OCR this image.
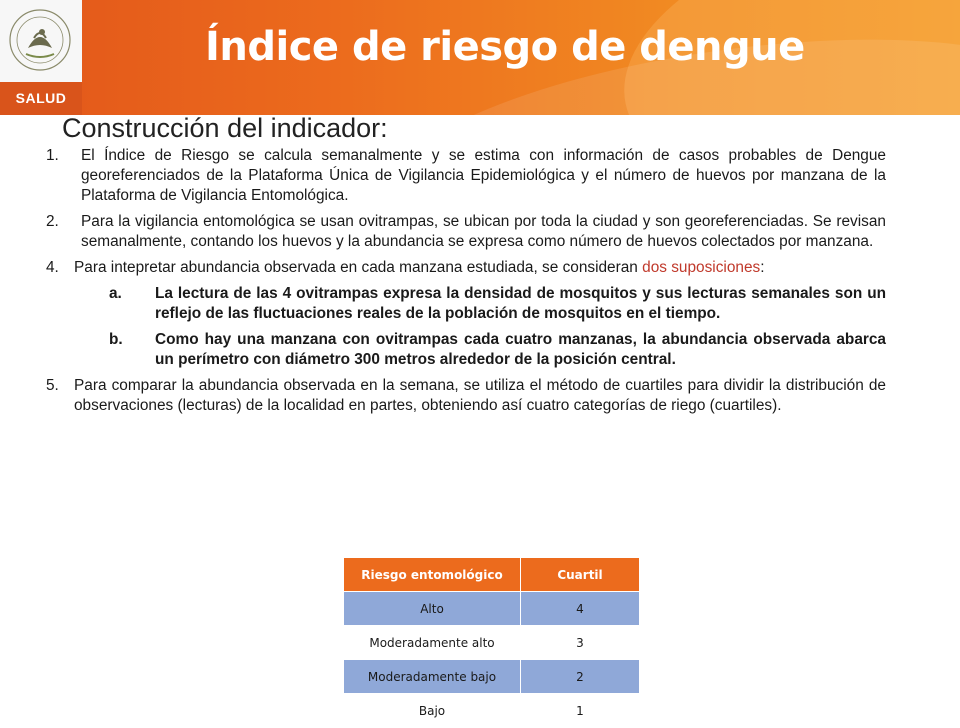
SALUD
Índice de riesgo de dengue
Construcción del indicador:
1. El Índice de Riesgo se calcula semanalmente y se estima con información de casos probables de Dengue georeferenciados de la Plataforma Única de Vigilancia Epidemiológica y el número de huevos por manzana de la Plataforma de Vigilancia Entomológica.
2. Para la vigilancia entomológica se usan ovitrampas, se ubican por toda la ciudad y son georeferenciadas. Se revisan semanalmente, contando los huevos y la abundancia se expresa como número de huevos colectados por manzana.
4. Para intepretar abundancia observada en cada manzana estudiada, se consideran dos suposiciones:
a. La lectura de las 4 ovitrampas expresa la densidad de mosquitos y sus lecturas semanales son un reflejo de las fluctuaciones reales de la población de mosquitos en el tiempo.
b. Como hay una manzana con ovitrampas cada cuatro manzanas, la abundancia observada abarca un perímetro con diámetro 300 metros alrededor de la posición central.
5. Para comparar la abundancia observada en la semana, se utiliza el método de cuartiles para dividir la distribución de observaciones (lecturas) de la localidad en partes, obteniendo así cuatro categorías de riego (cuartiles).
Riesgo entomológico	Cuartil
Alto	4
Moderadamente alto	3
Moderadamente bajo	2
Bajo	1
